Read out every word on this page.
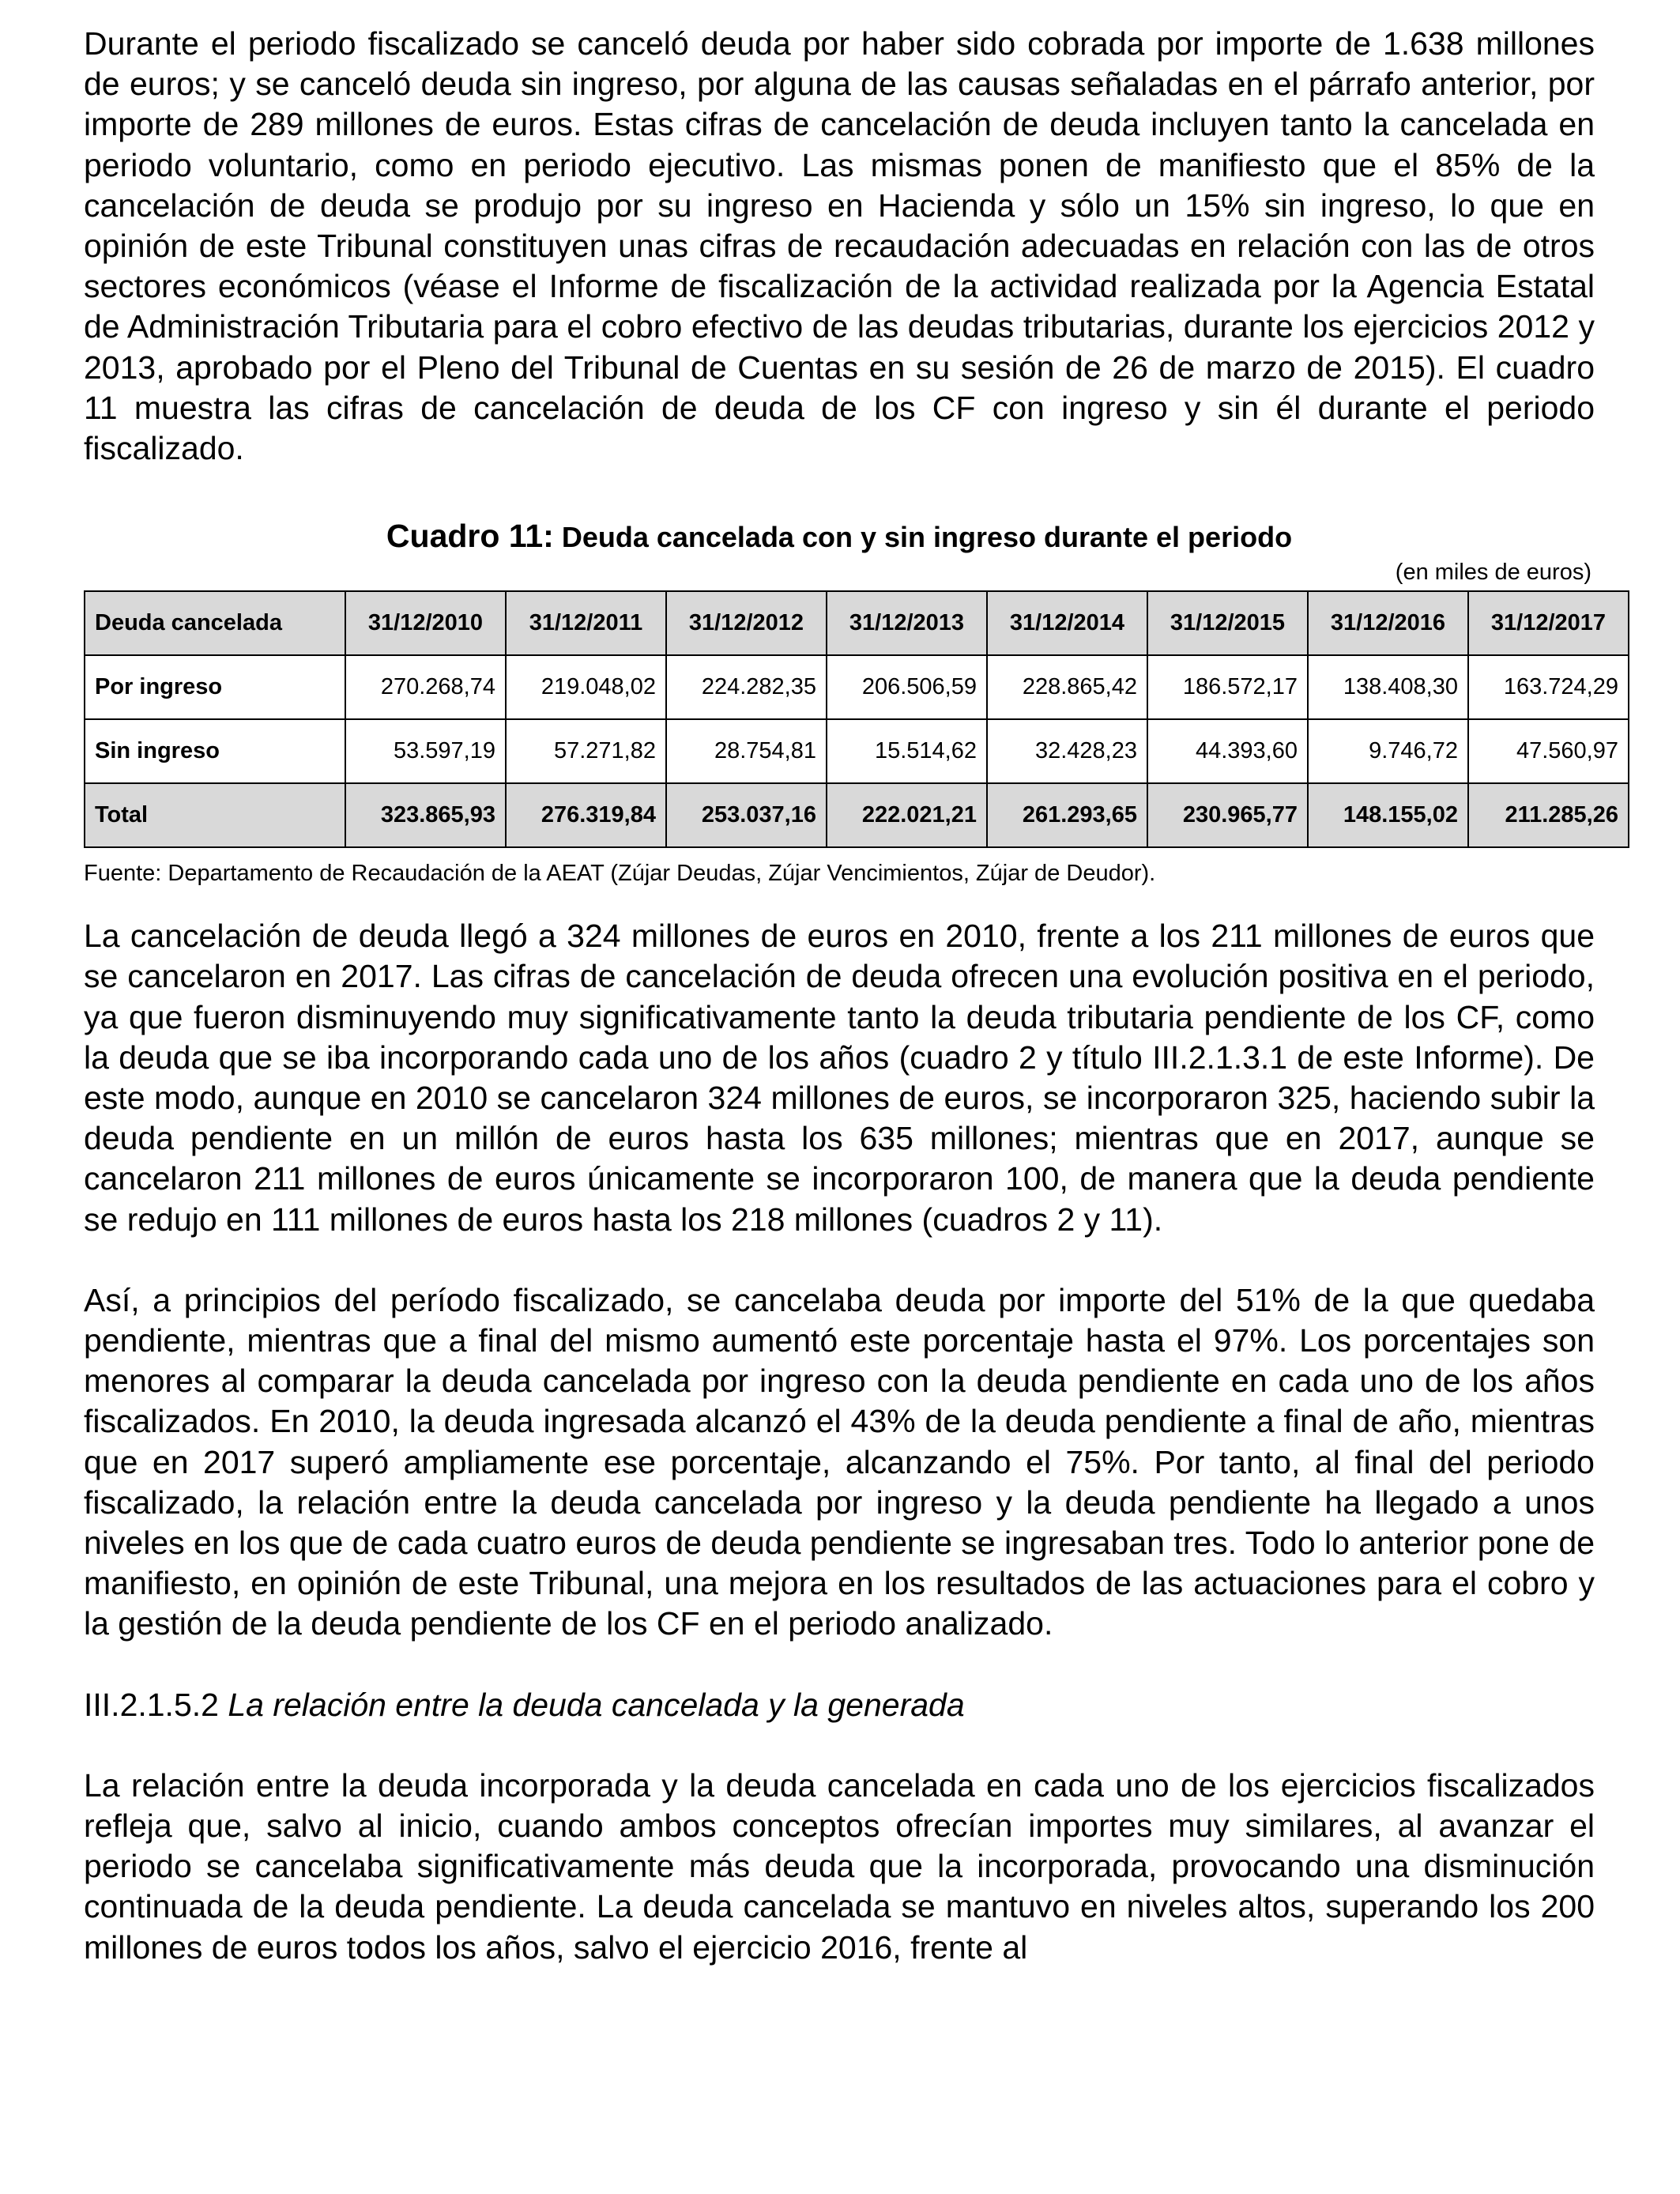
Durante el periodo fiscalizado se canceló deuda por haber sido cobrada por importe de 1.638 millones de euros; y se canceló deuda sin ingreso, por alguna de las causas señaladas en el párrafo anterior, por importe de 289 millones de euros. Estas cifras de cancelación de deuda incluyen tanto la cancelada en periodo voluntario, como en periodo ejecutivo. Las mismas ponen de manifiesto que el 85% de la cancelación de deuda se produjo por su ingreso en Hacienda y sólo un 15% sin ingreso, lo que en opinión de este Tribunal constituyen unas cifras de recaudación adecuadas en relación con las de otros sectores económicos (véase el Informe de fiscalización de la actividad realizada por la Agencia Estatal de Administración Tributaria para el cobro efectivo de las deudas tributarias, durante los ejercicios 2012 y 2013, aprobado por el Pleno del Tribunal de Cuentas en su sesión de 26 de marzo de 2015). El cuadro 11 muestra las cifras de cancelación de deuda de los CF con ingreso y sin él durante el periodo fiscalizado.

Cuadro 11: Deuda cancelada con y sin ingreso durante el periodo
(en miles de euros)
Deuda cancelada	31/12/2010	31/12/2011	31/12/2012	31/12/2013	31/12/2014	31/12/2015	31/12/2016	31/12/2017
Por ingreso	270.268,74	219.048,02	224.282,35	206.506,59	228.865,42	186.572,17	138.408,30	163.724,29
Sin ingreso	53.597,19	57.271,82	28.754,81	15.514,62	32.428,23	44.393,60	9.746,72	47.560,97
Total	323.865,93	276.319,84	253.037,16	222.021,21	261.293,65	230.965,77	148.155,02	211.285,26
Fuente: Departamento de Recaudación de la AEAT (Zújar Deudas, Zújar Vencimientos, Zújar de Deudor).

La cancelación de deuda llegó a 324 millones de euros en 2010, frente a los 211 millones de euros que se cancelaron en 2017. Las cifras de cancelación de deuda ofrecen una evolución positiva en el periodo, ya que fueron disminuyendo muy significativamente tanto la deuda tributaria pendiente de los CF, como la deuda que se iba incorporando cada uno de los años (cuadro 2 y título III.2.1.3.1 de este Informe). De este modo, aunque en 2010 se cancelaron 324 millones de euros, se incorporaron 325, haciendo subir la deuda pendiente en un millón de euros hasta los 635 millones; mientras que en 2017, aunque se cancelaron 211 millones de euros únicamente se incorporaron 100, de manera que la deuda pendiente se redujo en 111 millones de euros hasta los 218 millones (cuadros 2 y 11).

Así, a principios del período fiscalizado, se cancelaba deuda por importe del 51% de la que quedaba pendiente, mientras que a final del mismo aumentó este porcentaje hasta el 97%. Los porcentajes son menores al comparar la deuda cancelada por ingreso con la deuda pendiente en cada uno de los años fiscalizados. En 2010, la deuda ingresada alcanzó el 43% de la deuda pendiente a final de año, mientras que en 2017 superó ampliamente ese porcentaje, alcanzando el 75%. Por tanto, al final del periodo fiscalizado, la relación entre la deuda cancelada por ingreso y la deuda pendiente ha llegado a unos niveles en los que de cada cuatro euros de deuda pendiente se ingresaban tres. Todo lo anterior pone de manifiesto, en opinión de este Tribunal, una mejora en los resultados de las actuaciones para el cobro y la gestión de la deuda pendiente de los CF en el periodo analizado.

III.2.1.5.2 La relación entre la deuda cancelada y la generada

La relación entre la deuda incorporada y la deuda cancelada en cada uno de los ejercicios fiscalizados refleja que, salvo al inicio, cuando ambos conceptos ofrecían importes muy similares, al avanzar el periodo se cancelaba significativamente más deuda que la incorporada, provocando una disminución continuada de la deuda pendiente. La deuda cancelada se mantuvo en niveles altos, superando los 200 millones de euros todos los años, salvo el ejercicio 2016, frente al
